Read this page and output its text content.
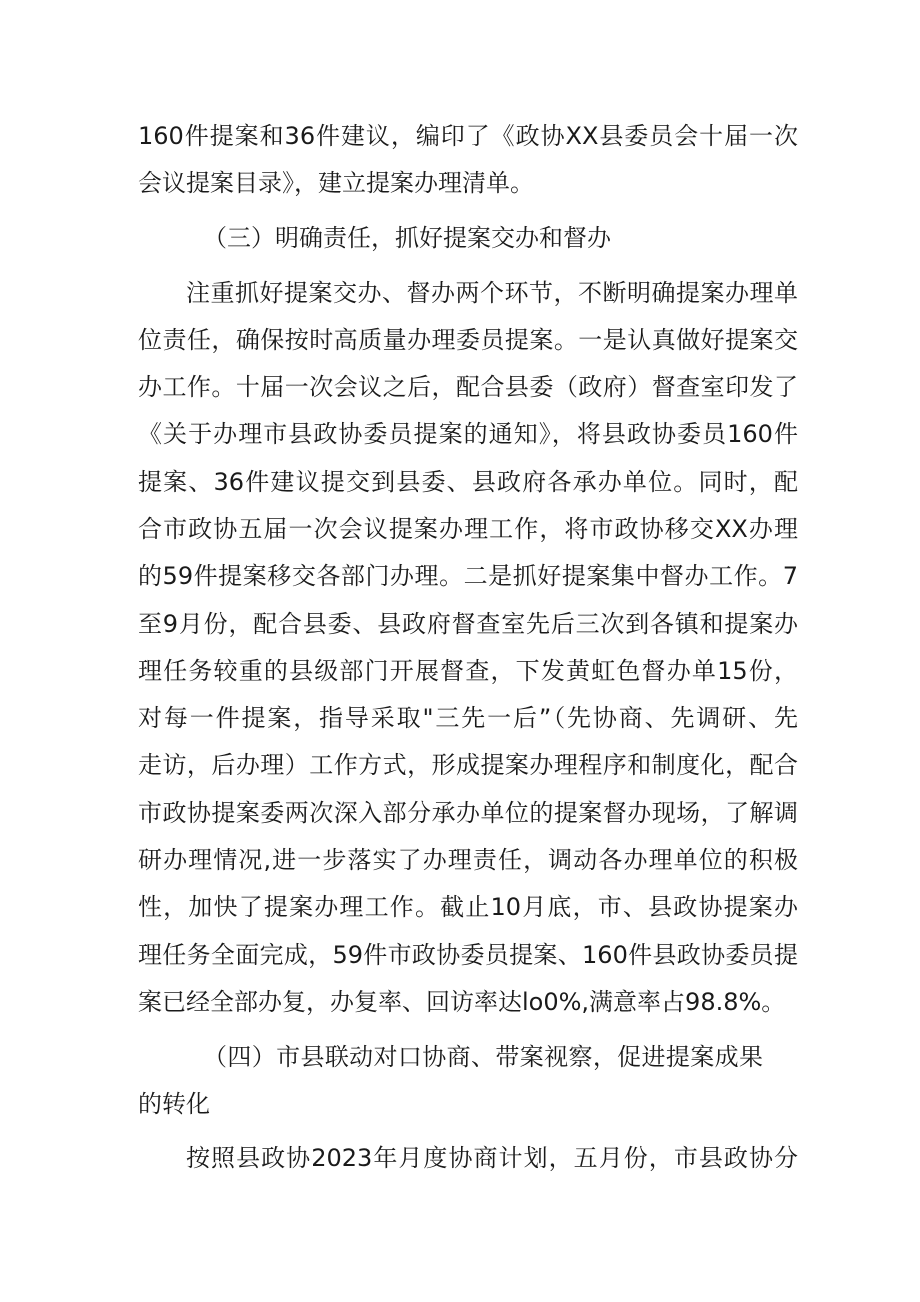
160件提案和36件建议，编印了《政协XX县委员会十届一次
会议提案目录》，建立提案办理清单。
（三）明确责任，抓好提案交办和督办
注重抓好提案交办、督办两个环节，不断明确提案办理单
位责任，确保按时高质量办理委员提案。一是认真做好提案交
办工作。十届一次会议之后，配合县委（政府）督查室印发了
《关于办理市县政协委员提案的通知》，将县政协委员160件
提案、36件建议提交到县委、县政府各承办单位。同时，配
合市政协五届一次会议提案办理工作，将市政协移交XX办理
的59件提案移交各部门办理。二是抓好提案集中督办工作。7
至9月份，配合县委、县政府督查室先后三次到各镇和提案办
理任务较重的县级部门开展督查，下发黄虹色督办单15份，
对每一件提案，指导采取"三先一后”（先协商、先调研、先
走访，后办理）工作方式，形成提案办理程序和制度化，配合
市政协提案委两次深入部分承办单位的提案督办现场，了解调
研办理情况,进一步落实了办理责任，调动各办理单位的积极
性，加快了提案办理工作。截止10月底，市、县政协提案办
理任务全面完成，59件市政协委员提案、160件县政协委员提
案已经全部办复，办复率、回访率达lo0%,满意率占98.8%。
（四）市县联动对口协商、带案视察，促进提案成果
的转化
按照县政协2023年月度协商计划，五月份，市县政协分
